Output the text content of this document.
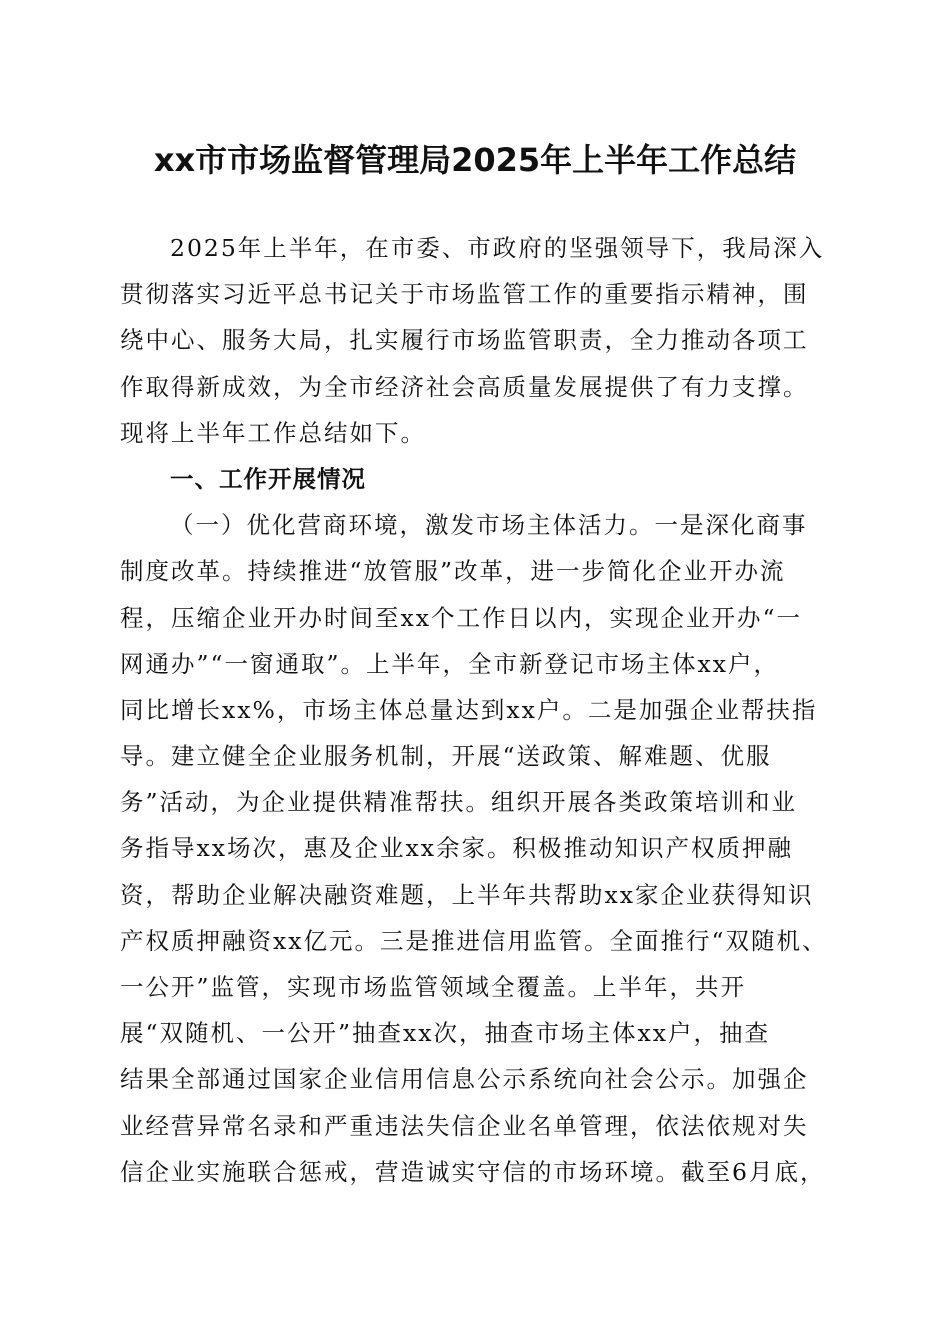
xx市市场监督管理局2025年上半年工作总结
2025年上半年，在市委、市政府的坚强领导下，我局深入
贯彻落实习近平总书记关于市场监管工作的重要指示精神，围
绕中心、服务大局，扎实履行市场监管职责，全力推动各项工
作取得新成效，为全市经济社会高质量发展提供了有力支撑。
现将上半年工作总结如下。
一、工作开展情况
（一）优化营商环境，激发市场主体活力。一是深化商事
制度改革。持续推进“放管服”改革，进一步简化企业开办流
程，压缩企业开办时间至xx个工作日以内，实现企业开办“一
网通办”“一窗通取”。上半年，全市新登记市场主体xx户，
同比增长xx%，市场主体总量达到xx户。二是加强企业帮扶指
导。建立健全企业服务机制，开展“送政策、解难题、优服
务”活动，为企业提供精准帮扶。组织开展各类政策培训和业
务指导xx场次，惠及企业xx余家。积极推动知识产权质押融
资，帮助企业解决融资难题，上半年共帮助xx家企业获得知识
产权质押融资xx亿元。三是推进信用监管。全面推行“双随机、
一公开”监管，实现市场监管领域全覆盖。上半年，共开
展“双随机、一公开”抽查xx次，抽查市场主体xx户，抽查
结果全部通过国家企业信用信息公示系统向社会公示。加强企
业经营异常名录和严重违法失信企业名单管理，依法依规对失
信企业实施联合惩戒，营造诚实守信的市场环境。截至6月底，
